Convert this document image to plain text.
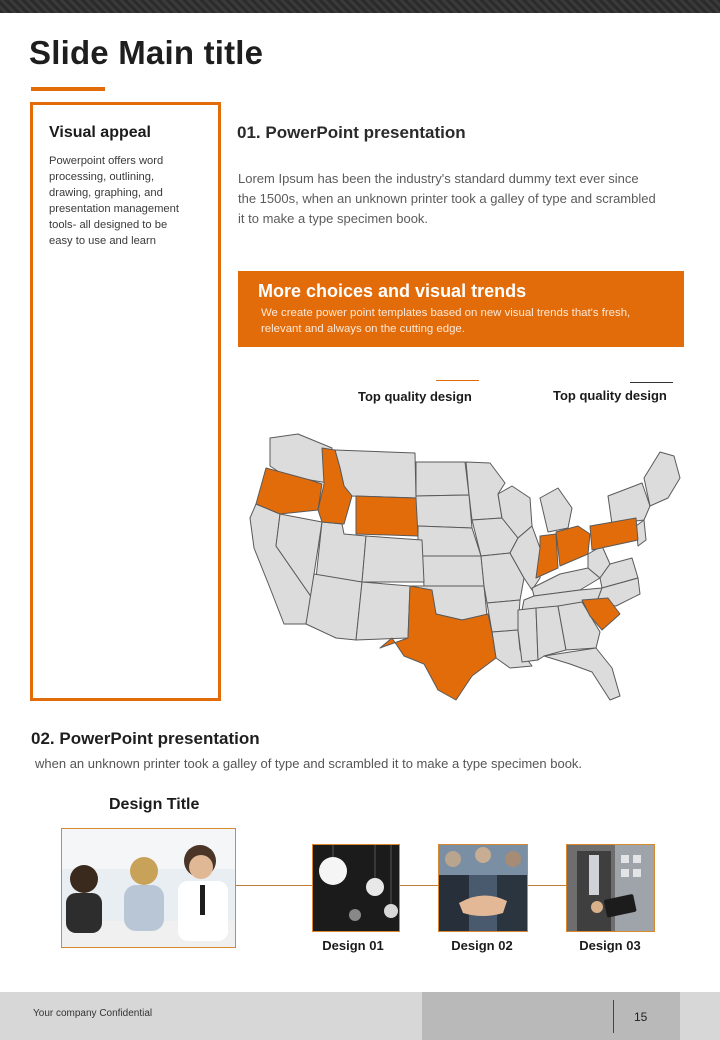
Slide Main title
Visual appeal
Powerpoint offers word processing, outlining, drawing, graphing, and presentation management tools- all designed to be easy to use and learn
01. PowerPoint presentation
Lorem Ipsum has been the industry's standard dummy text ever since the 1500s, when an unknown printer took a galley of type and scrambled it to make a type specimen book.
More choices and visual trends
We create power point templates based on new visual trends that's fresh, relevant and always on the cutting edge.
Top quality design	Top quality design
02. PowerPoint presentation
when an unknown printer took a galley of type and scrambled it to make a type specimen book.
Design Title
Design 01	Design 02	Design 03
Your company Confidential	15
